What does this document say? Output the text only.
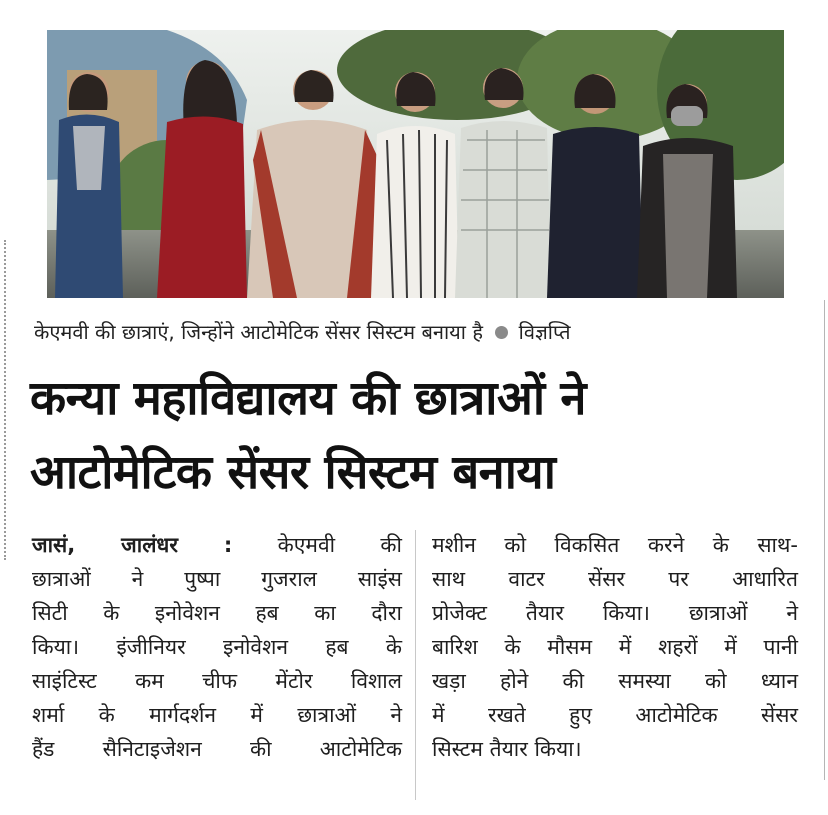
केएमवी की छात्राएं, जिन्होंने आटोमेटिक सेंसर सिस्टम बनाया है विज्ञप्ति
कन्या महाविद्यालय की छात्राओं ने
आटोमेटिक सेंसर सिस्टम बनाया
जासं, जालंधर : केएमवी की
छात्राओं ने पुष्पा गुजराल साइंस
सिटी के इनोवेशन हब का दौरा
किया। इंजीनियर इनोवेशन हब के
साइंटिस्ट कम चीफ मेंटोर विशाल
शर्मा के मार्गदर्शन में छात्राओं ने
हैंड सैनिटाइजेशन की आटोमेटिक
मशीन को विकसित करने के साथ-
साथ वाटर सेंसर पर आधारित
प्रोजेक्ट तैयार किया। छात्राओं ने
बारिश के मौसम में शहरों में पानी
खड़ा होने की समस्या को ध्यान
में रखते हुए आटोमेटिक सेंसर
सिस्टम तैयार किया।
